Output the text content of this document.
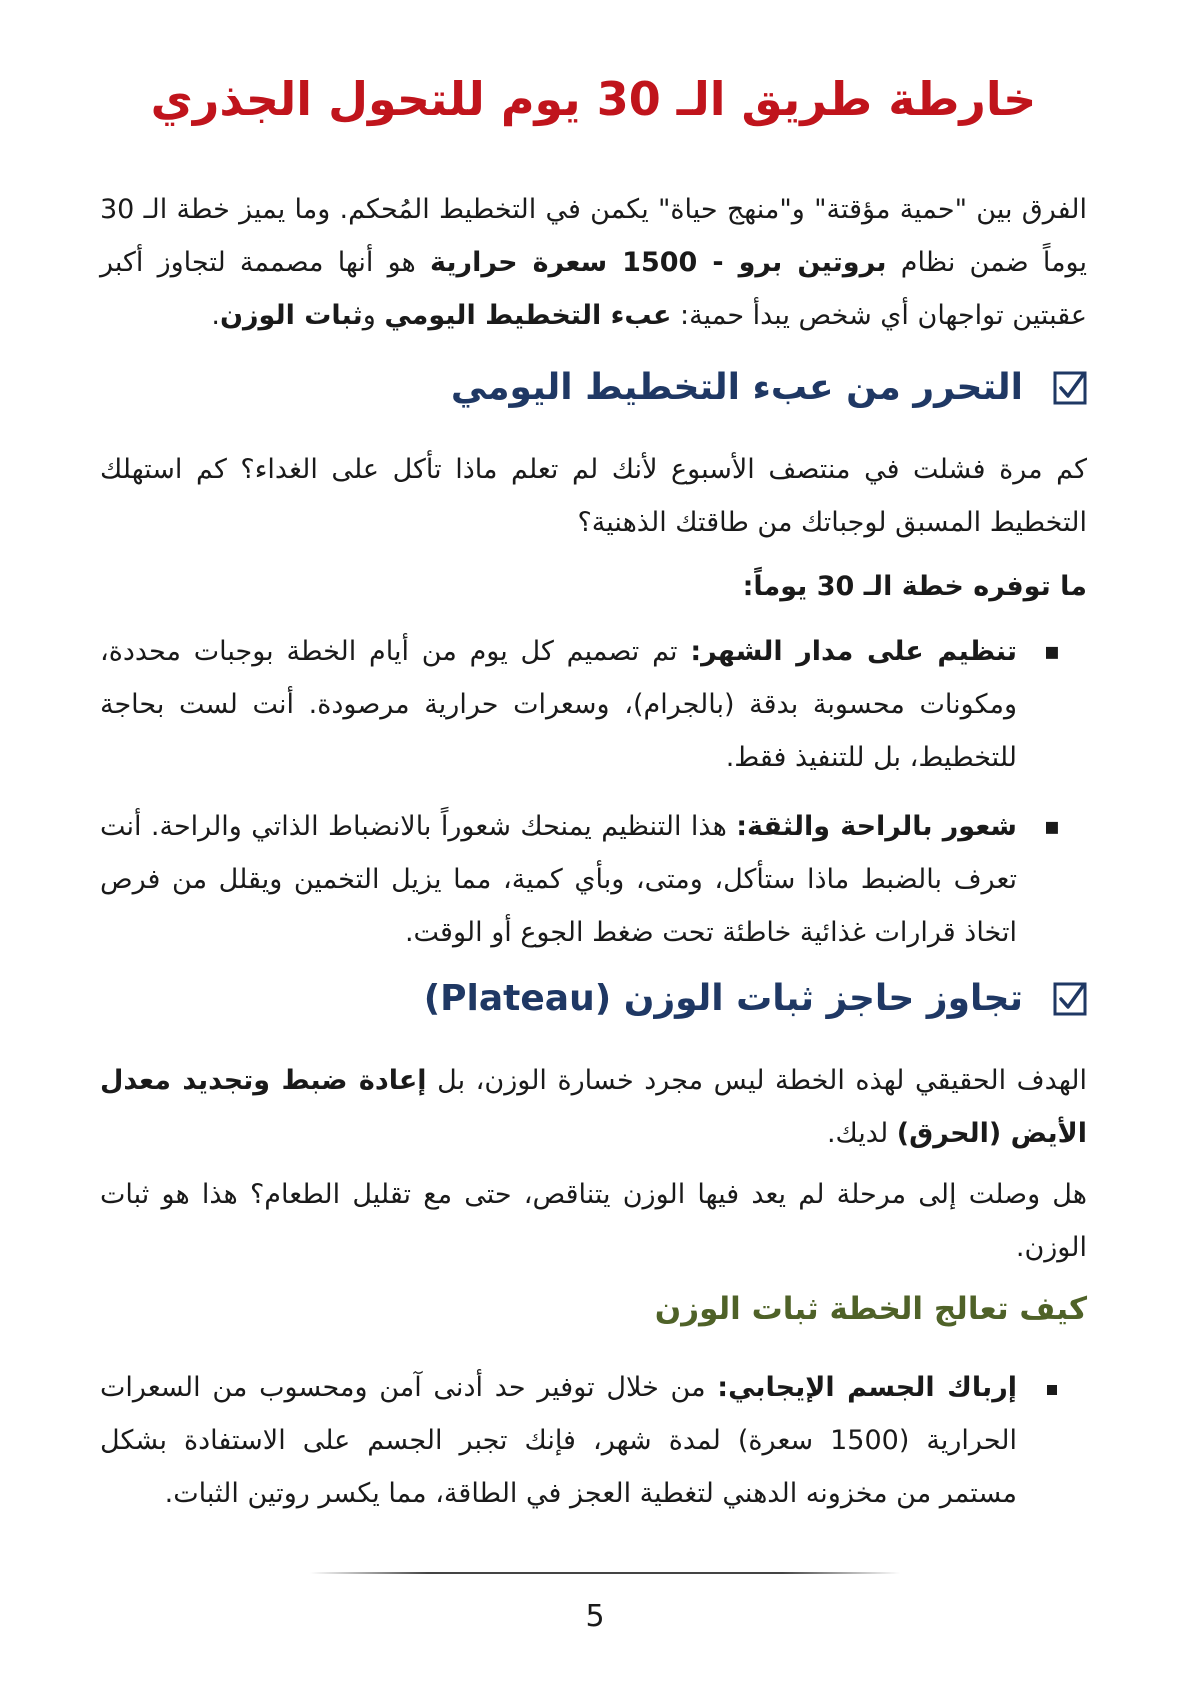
خارطة طريق الـ 30 يوم للتحول الجذري

الفرق بين "حمية مؤقتة" و"منهج حياة" يكمن في التخطيط المُحكم. وما يميز خطة الـ 30 يوماً ضمن نظام بروتين برو - 1500 سعرة حرارية هو أنها مصممة لتجاوز أكبر عقبتين تواجهان أي شخص يبدأ حمية: عبء التخطيط اليومي وثبات الوزن.

التحرر من عبء التخطيط اليومي

كم مرة فشلت في منتصف الأسبوع لأنك لم تعلم ماذا تأكل على الغداء؟ كم استهلك التخطيط المسبق لوجباتك من طاقتك الذهنية؟

ما توفره خطة الـ 30 يوماً:

▪

تنظيم على مدار الشهر: تم تصميم كل يوم من أيام الخطة بوجبات محددة، ومكونات محسوبة بدقة (بالجرام)، وسعرات حرارية مرصودة. أنت لست بحاجة للتخطيط، بل للتنفيذ فقط.

▪

شعور بالراحة والثقة: هذا التنظيم يمنحك شعوراً بالانضباط الذاتي والراحة. أنت تعرف بالضبط ماذا ستأكل، ومتى، وبأي كمية، مما يزيل التخمين ويقلل من فرص اتخاذ قرارات غذائية خاطئة تحت ضغط الجوع أو الوقت.

تجاوز حاجز ثبات الوزن (Plateau)

الهدف الحقيقي لهذه الخطة ليس مجرد خسارة الوزن، بل إعادة ضبط وتجديد معدل الأيض (الحرق) لديك.

هل وصلت إلى مرحلة لم يعد فيها الوزن يتناقص، حتى مع تقليل الطعام؟ هذا هو ثبات الوزن.

كيف تعالج الخطة ثبات الوزن

إرباك الجسم الإيجابي: من خلال توفير حد أدنى آمن ومحسوب من السعرات الحرارية (1500 سعرة) لمدة شهر، فإنك تجبر الجسم على الاستفادة بشكل مستمر من مخزونه الدهني لتغطية العجز في الطاقة، مما يكسر روتين الثبات.

5
